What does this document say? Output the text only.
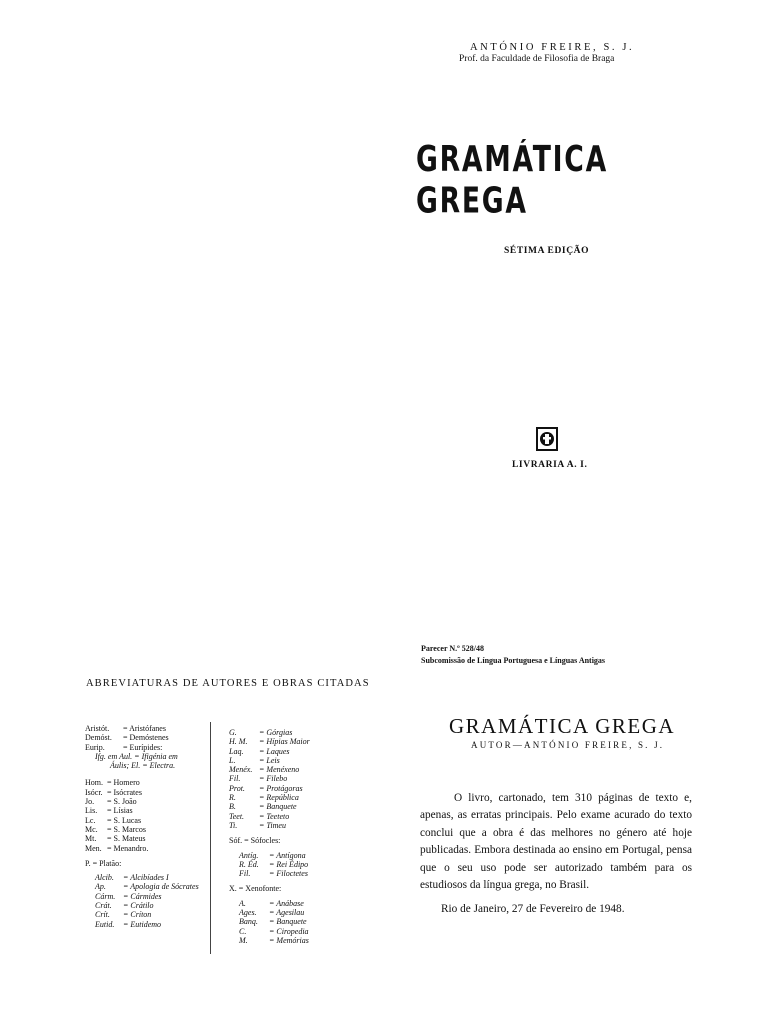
ANTÓNIO FREIRE, S. J.
Prof. da Faculdade de Filosofia de Braga
GRAMÁTICA GREGA
SÉTIMA EDIÇÃO
LIVRARIA A. I.
Parecer N.º 528/48
Subcomissão de Língua Portuguesa e Línguas Antigas
GRAMÁTICA GREGA
AUTOR—ANTÓNIO FREIRE, S. J.

O livro, cartonado, tem 310 páginas de texto e, apenas, as erratas principais. Pelo exame acurado do texto conclui que a obra é das melhores no género até hoje publicadas. Embora destinada ao ensino em Portugal, pensa que o seu uso pode ser autorizado também para os estudiosos da língua grega, no Brasil.

Rio de Janeiro, 27 de Fevereiro de 1948.

ABREVIATURAS DE AUTORES E OBRAS CITADAS
Aristót. = Aristófanes
Demóst. = Demóstenes
Eurip. = Eurípides:
Ifg. em Aul. = Ifigénia em
Áulis; El. = Electra.
Hom. = Homero
Isócr. = Isócrates
Jo. = S. João
Lis. = Lísias
Lc. = S. Lucas
Mc. = S. Marcos
Mt. = S. Mateus
Men. = Menandro.
P. = Platão:
Alcib. = Alcibíades I
Ap. = Apologia de Sócrates
Cárm. = Cármides
Crát. = Crátilo
Crít. = Críton
Eutid. = Eutidemo
G.	= Górgias
H. M. = Hípias Maior
Laq. = Laques
L.	= Leis
Menéx. = Menéxeno
Fil. = Filebo
Prot. = Protágoras
R.	= República
B.	= Banquete
Teet. = Teeteto
Ti.	= Timeu
Sóf. = Sófocles:
Antíg. = Antígona
R. Éd. = Rei Édipo
Fil. = Filoctetes
X. = Xenofonte:
A.	= Anábase
Ages. = Agesilau
Banq. = Banquete
C.	= Ciropedia
M.	= Memórias
